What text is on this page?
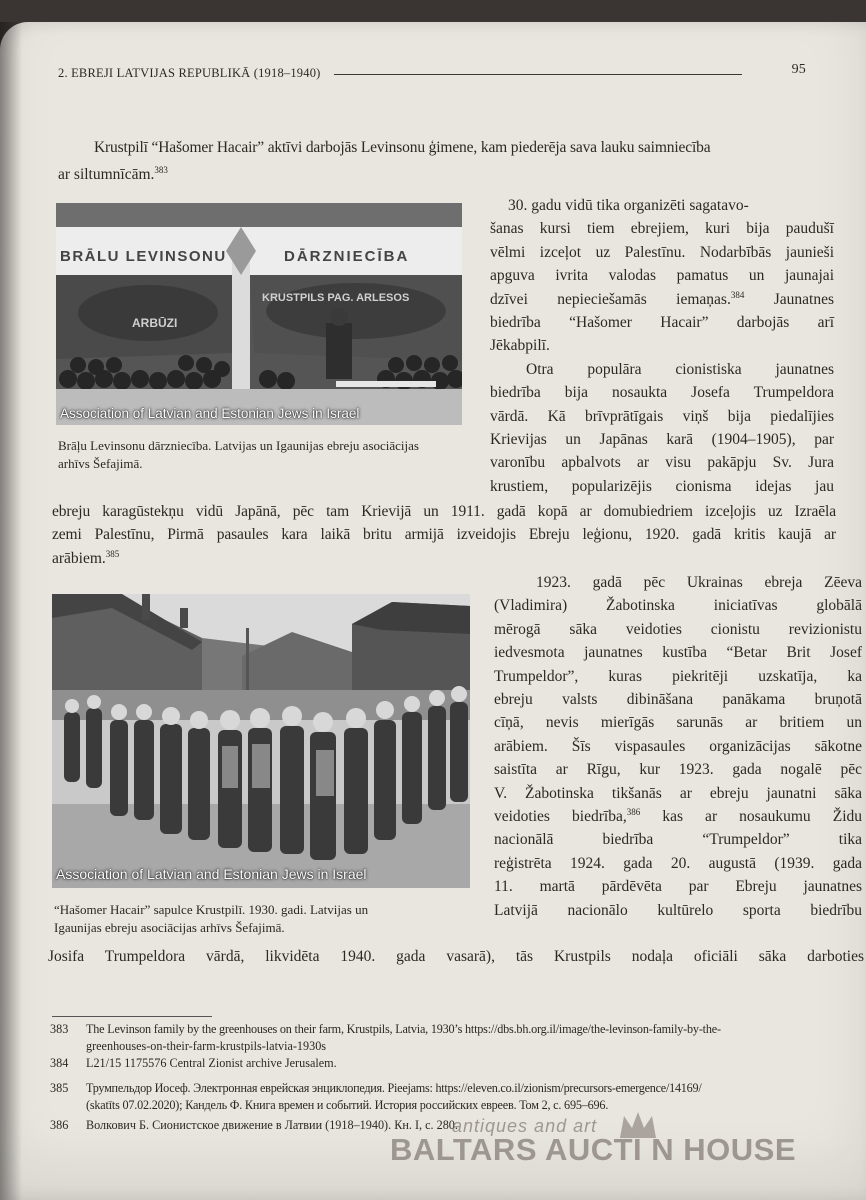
2. EBREJI LATVIJAS REPUBLIKĀ (1918–1940)	95
Krustpilī “Hašomer Hacair” aktīvi darbojās Levinsonu ģimene, kam piederēja sava lauku saimniecība
ar siltumnīcām.$^{383}$
BRĀLU LEVINSONU	DĀRZNIECĪBA
ARBŪZI
KRUSTPILS PAG. ARLESOS
Association of Latvian and Estonian Jews in Israel
Brāļu Levinsonu dārzniecība. Latvijas un Igaunijas ebreju asociācijas
arhīvs Šefajimā.
30. gadu vidū tika organizēti sagatavo-
šanas kursi tiem ebrejiem, kuri bija paudušī
vēlmi izceļot uz Palestīnu. Nodarbībās jaunieši
apguva ivrita valodas pamatus un jaunajai
dzīvei nepieciešamās iemaņas.$^{384}$ Jaunatnes
biedrība “Hašomer Hacair” darbojās arī
Jēkabpilī.
Otra populāra cionistiska jaunatnes
biedrība bija nosaukta Josefa Trumpeldora
vārdā. Kā brīvprātīgais viņš bija piedalījies
Krievijas un Japānas karā (1904–1905), par
varonību apbalvots ar visu pakāpju Sv. Jura
krustiem, popularizējis cionisma idejas jau
ebreju karagūstekņu vidū Japānā, pēc tam Krievijā un 1911. gadā kopā ar domubiedriem izceļojis uz Izraēla
zemi Palestīnu, Pirmā pasaules kara laikā britu armijā izveidojis Ebreju leģionu, 1920. gadā kritis kaujā ar
arābiem.$^{385}$
Association of Latvian and Estonian Jews in Israel
“Hašomer Hacair” sapulce Krustpilī. 1930. gadi. Latvijas un
Igaunijas ebreju asociācijas arhīvs Šefajimā.
1923. gadā pēc Ukrainas ebreja Zēeva
(Vladimira) Žabotinska iniciatīvas globālā
mērogā sāka veidoties cionistu revizionistu
iedvesmota jaunatnes kustība “Betar Brit Josef
Trumpeldor”, kuras piekritēji uzskatīja, ka
ebreju valsts dibināšana panākama bruņotā
cīņā, nevis mierīgās sarunās ar britiem un
arābiem. Šīs vispasaules organizācijas sākotne
saistīta ar Rīgu, kur 1923. gada nogalē pēc
V. Žabotinska tikšanās ar ebreju jaunatni sāka
veidoties biedrība,$^{386}$ kas ar nosaukumu Židu
nacionālā biedrība “Trumpeldor” tika
reģistrēta 1924. gada 20. augustā (1939. gada
11. martā pārdēvēta par Ebreju jaunatnes
Latvijā nacionālo kultūrelo sporta biedrību
Josifa Trumpeldora vārdā, likvidēta 1940. gada vasarā), tās Krustpils nodaļa oficiāli sāka darboties
383 The Levinson family by the greenhouses on their farm, Krustpils, Latvia, 1930’s https://dbs.bh.org.il/image/the-levinson-family-by-the-
greenhouses-on-their-farm-krustpils-latvia-1930s
384 L21/15 1175576 Central Zionist archive Jerusalem.
385 Трумпельдор Иосеф. Электронная еврейская энциклопедия. Pieejams: https://eleven.co.il/zionism/precursors-emergence/14169/
(skatīts 07.02.2020); Кандель Ф. Книга времен и событий. История российских евреев. Том 2, с. 695–696.
386 Волкович Б. Сионистское движение в Латвии (1918–1940). Кн. I, с. 280.
antiques and art
BALTARS AUCTI N HOUSE
